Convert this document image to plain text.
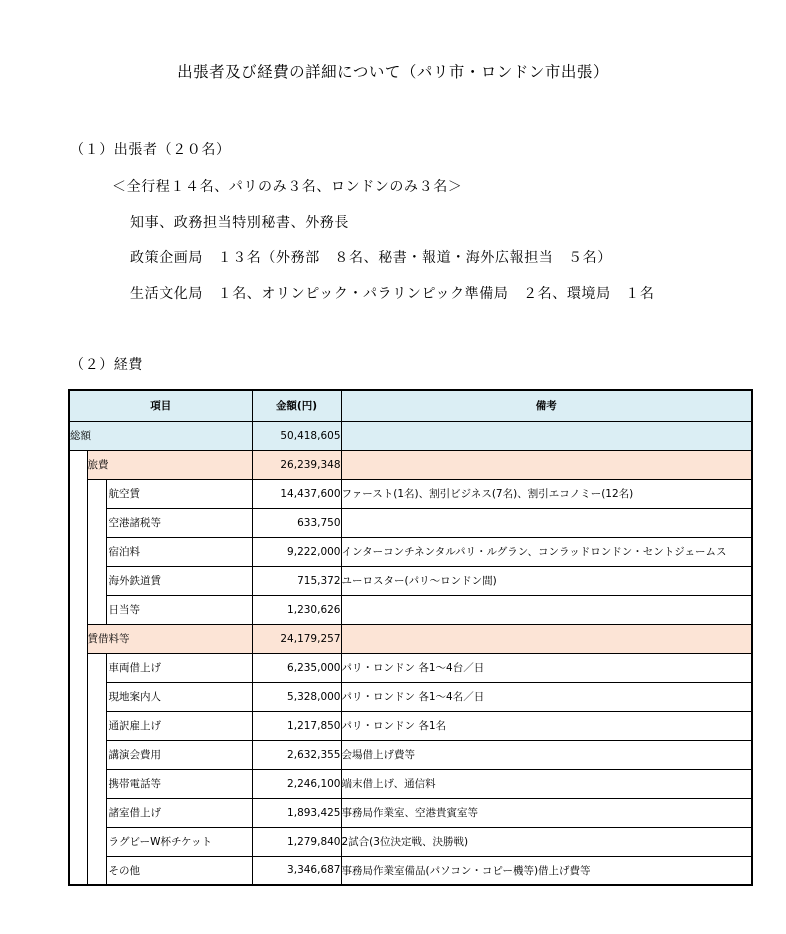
出張者及び経費の詳細について（パリ市・ロンドン市出張）
（１）出張者（２０名）
＜全行程１４名、パリのみ３名、ロンドンのみ３名＞
知事、政務担当特別秘書、外務長
政策企画局　１３名（外務部　８名、秘書・報道・海外広報担当　５名）
生活文化局　１名、オリンピック・パラリンピック準備局　２名、環境局　１名
（２）経費
項目			金額(円)	備考
総額			50,418,605	
	旅費		26,239,348	
		航空賃	14,437,600	ファースト(1名)、割引ビジネス(7名)、割引エコノミー(12名)
		空港諸税等	633,750	
		宿泊料	9,222,000	インターコンチネンタルパリ・ルグラン、コンラッドロンドン・セントジェームス
		海外鉄道賃	715,372	ユーロスター(パリ～ロンドン間)
		日当等	1,230,626	
	賃借料等		24,179,257	
		車両借上げ	6,235,000	パリ・ロンドン 各1～4台／日
		現地案内人	5,328,000	パリ・ロンドン 各1～4名／日
		通訳雇上げ	1,217,850	パリ・ロンドン 各1名
		講演会費用	2,632,355	会場借上げ費等
		携帯電話等	2,246,100	端末借上げ、通信料
		諸室借上げ	1,893,425	事務局作業室、空港貴賓室等
		ラグビーW杯チケット	1,279,840	2試合(3位決定戦、決勝戦)
		その他	3,346,687	事務局作業室備品(パソコン・コピー機等)借上げ費等
